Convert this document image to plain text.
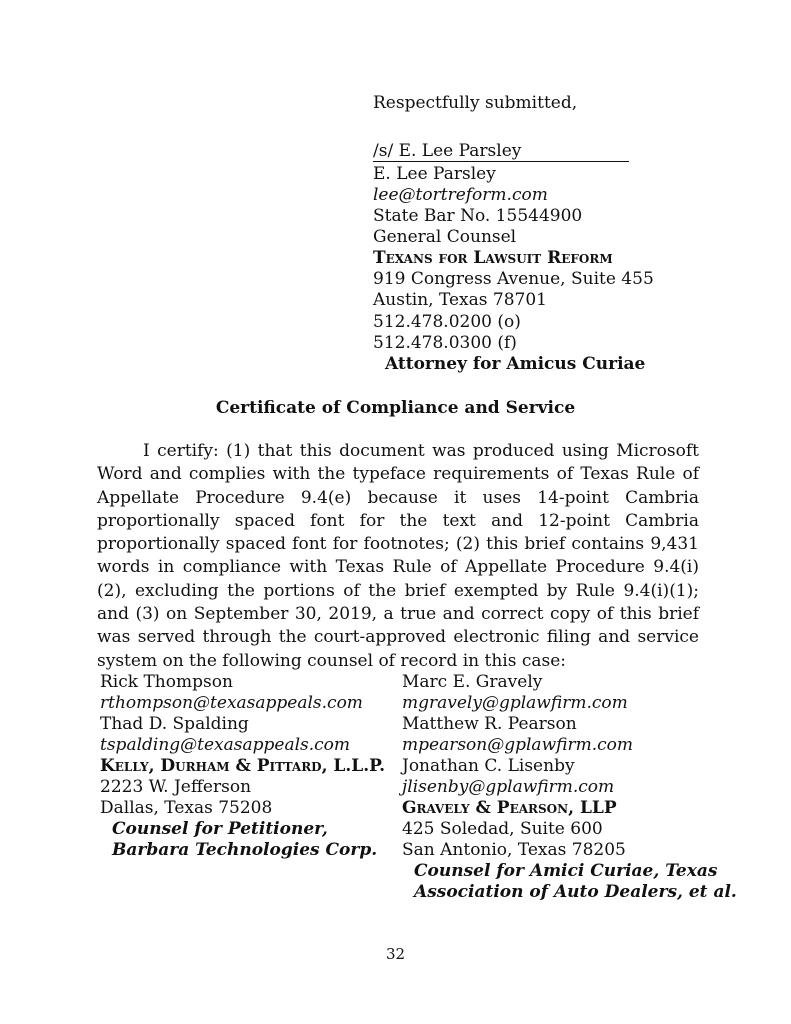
Respectfully submitted,
/s/ E. Lee Parsley
E. Lee Parsley
lee@tortreform.com
State Bar No. 15544900
General Counsel
Texans for Lawsuit Reform
919 Congress Avenue, Suite 455
Austin, Texas 78701
512.478.0200 (o)
512.478.0300 (f)
Attorney for Amicus Curiae
Certificate of Compliance and Service
I certify: (1) that this document was produced using Microsoft Word and complies with the typeface requirements of Texas Rule of Appellate Procedure 9.4(e) because it uses 14-point Cambria proportionally spaced font for the text and 12-point Cambria proportionally spaced font for footnotes; (2) this brief contains 9,431 words in compliance with Texas Rule of Appellate Procedure 9.4(i)(2), excluding the portions of the brief exempted by Rule 9.4(i)(1); and (3) on September 30, 2019, a true and correct copy of this brief was served through the court-approved electronic filing and service system on the following counsel of record in this case:
Rick Thompson
rthompson@texasappeals.com
Thad D. Spalding
tspalding@texasappeals.com
Kelly, Durham & Pittard, L.L.P.
2223 W. Jefferson
Dallas, Texas 75208
Counsel for Petitioner,
Barbara Technologies Corp.
Marc E. Gravely
mgravely@gplawfirm.com
Matthew R. Pearson
mpearson@gplawfirm.com
Jonathan C. Lisenby
jlisenby@gplawfirm.com
Gravely & Pearson, LLP
425 Soledad, Suite 600
San Antonio, Texas 78205
Counsel for Amici Curiae, Texas
Association of Auto Dealers, et al.
32
